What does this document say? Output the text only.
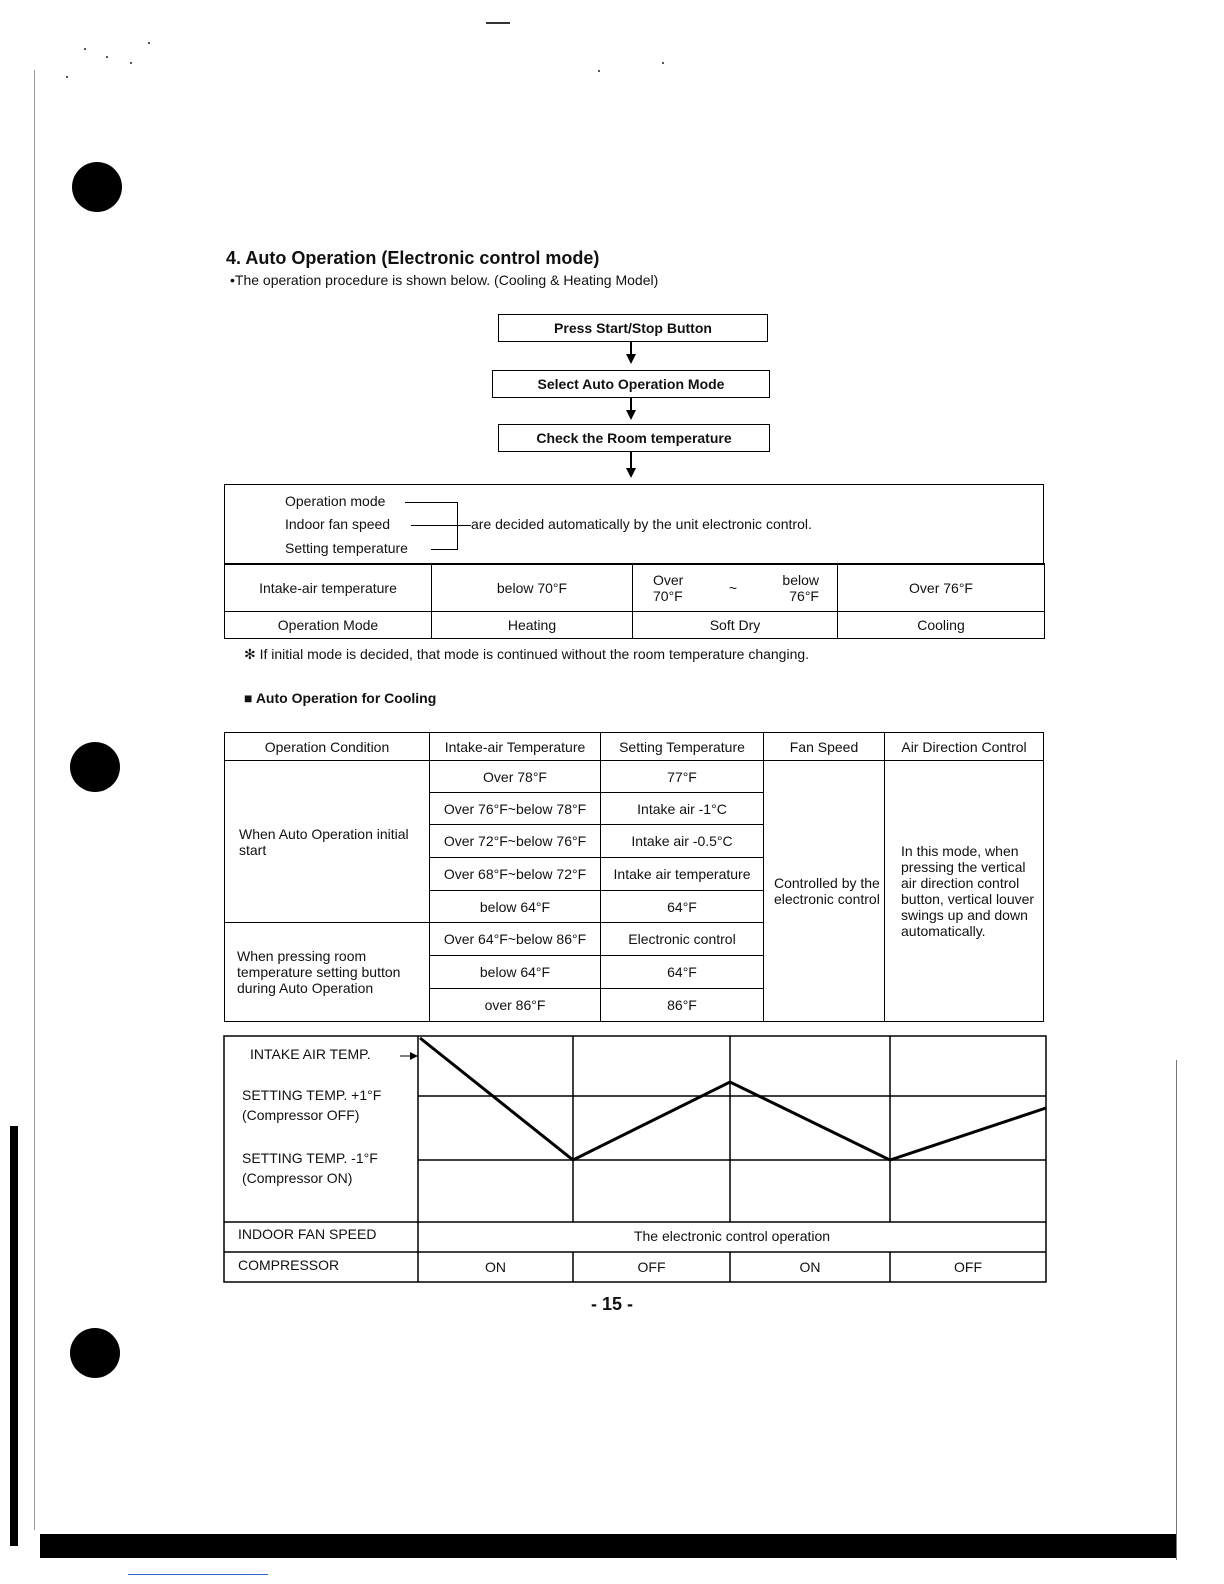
4. Auto Operation (Electronic control mode)
•The operation procedure is shown below. (Cooling & Heating Model)
Press Start/Stop Button
Select Auto Operation Mode
Check the Room temperature
Operation mode
Indoor fan speed
Setting temperature
are decided automatically by the unit electronic control.
Intake-air temperature	below 70°F	Over 70°F ~ below 76°F	Over 76°F
Operation Mode	Heating	Soft Dry	Cooling
✻ If initial mode is decided, that mode is continued without the room temperature changing.
■ Auto Operation for Cooling
Operation Condition	Intake-air Temperature	Setting Temperature	Fan Speed	Air Direction Control
When Auto Operation initial start	Over 78°F	77°F	Controlled by the electronic control	In this mode, when pressing the vertical air direction control button, vertical louver swings up and down automatically.
	Over 76°F~below 78°F	Intake air -1°C		
	Over 72°F~below 76°F	Intake air -0.5°C		
	Over 68°F~below 72°F	Intake air temperature		
	below 64°F	64°F		
When pressing room temperature setting button during Auto Operation	Over 64°F~below 86°F	Electronic control		
	below 64°F	64°F		
	over 86°F	86°F		
INTAKE AIR TEMP.
SETTING TEMP. +1°F
(Compressor OFF)
SETTING TEMP. -1°F
(Compressor ON)
INDOOR FAN SPEED	The electronic control operation
COMPRESSOR	ON	OFF	ON	OFF
- 15 -
